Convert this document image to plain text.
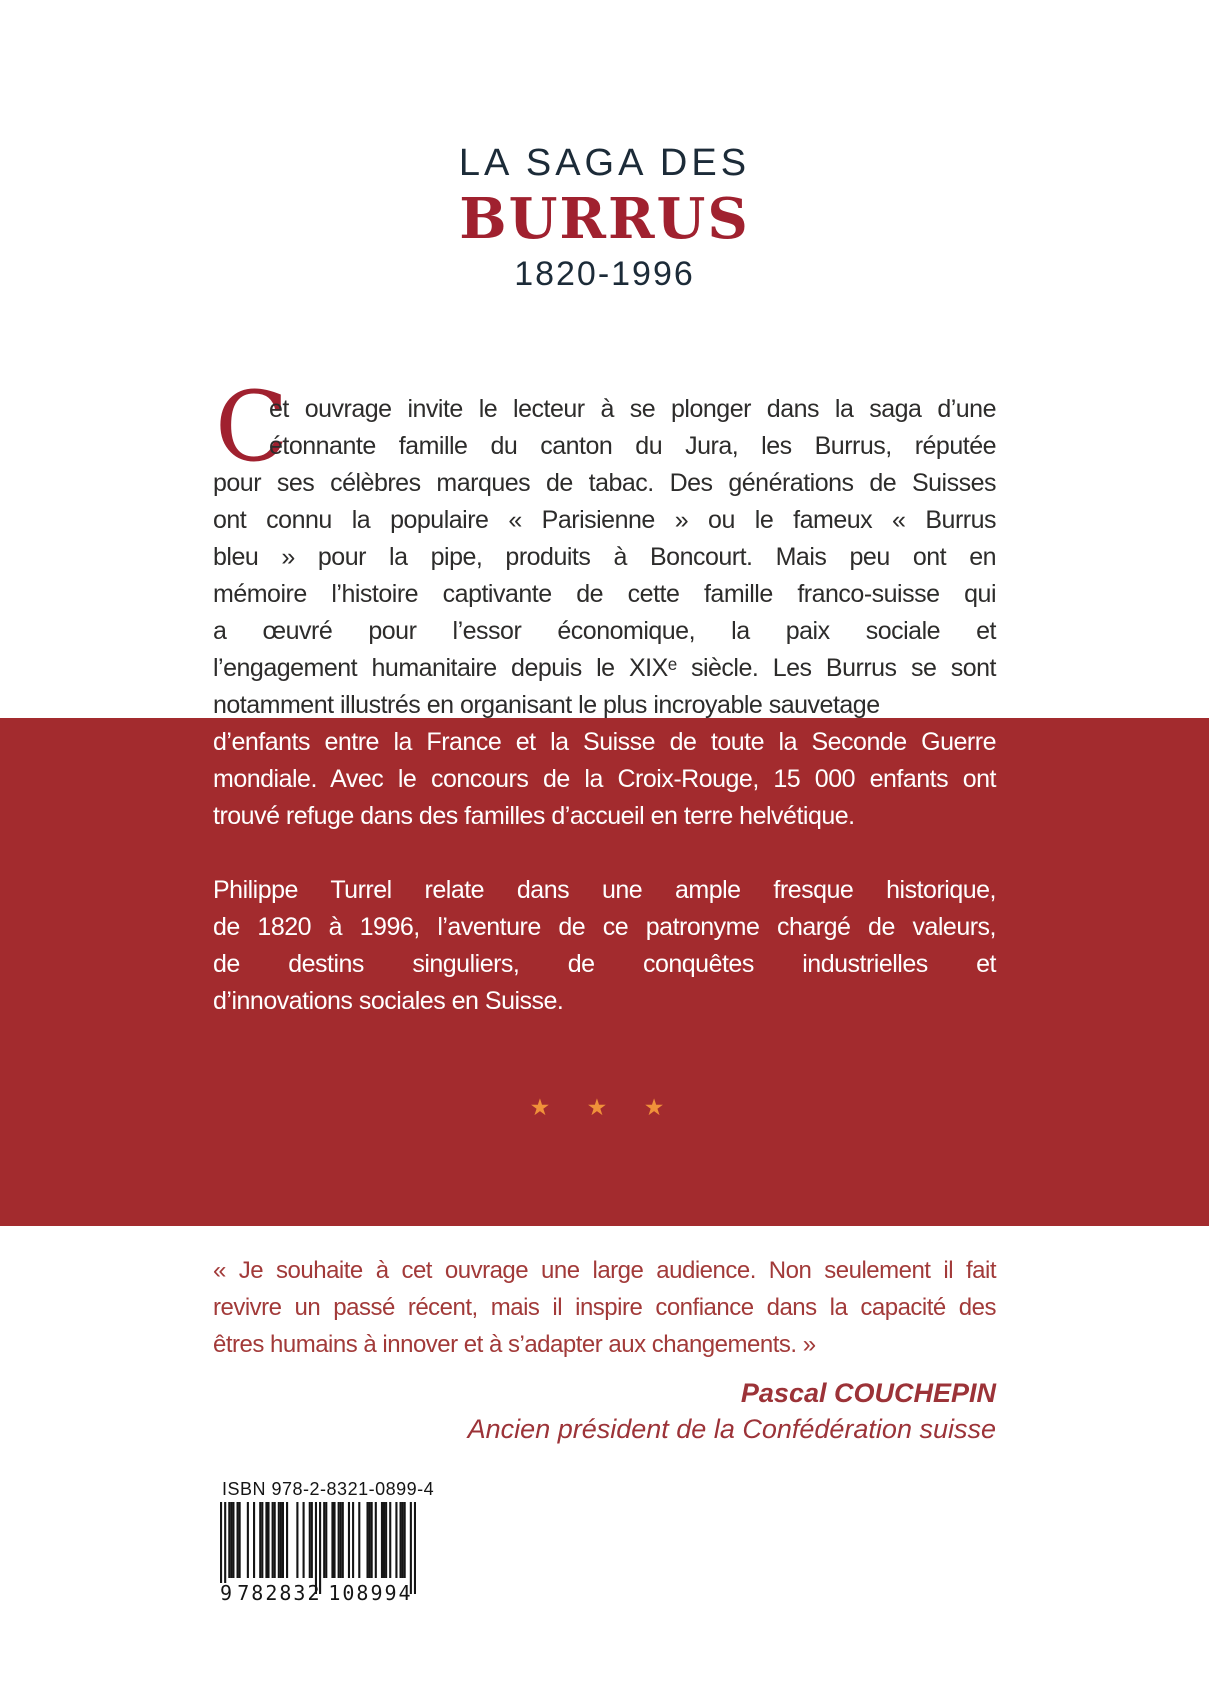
LA SAGA DES
BURRUS
1820-1996
C
et ouvrage invite le lecteur à se plonger dans la saga d’une
étonnante famille du canton du Jura, les Burrus, réputée
pour ses célèbres marques de tabac. Des générations de Suisses
ont connu la populaire « Parisienne » ou le fameux « Burrus
bleu » pour la pipe, produits à Boncourt. Mais peu ont en
mémoire l’histoire captivante de cette famille franco-suisse qui
a œuvré pour l’essor économique, la paix sociale et
l’engagement humanitaire depuis le XIXᵉ siècle. Les Burrus se sont
notamment illustrés en organisant le plus incroyable sauvetage
d’enfants entre la France et la Suisse de toute la Seconde Guerre
mondiale. Avec le concours de la Croix-Rouge, 15 000 enfants ont
trouvé refuge dans des familles d’accueil en terre helvétique.
Philippe Turrel relate dans une ample fresque historique,
de 1820 à 1996, l’aventure de ce patronyme chargé de valeurs,
de destins singuliers, de conquêtes industrielles et
d’innovations sociales en Suisse.
★ ★ ★
« Je souhaite à cet ouvrage une large audience. Non seulement il fait
revivre un passé récent, mais il inspire confiance dans la capacité des
êtres humains à innover et à s’adapter aux changements. »
Pascal COUCHEPIN
Ancien président de la Confédération suisse
ISBN 978-2-8321-0899-4
9 782832 108994
